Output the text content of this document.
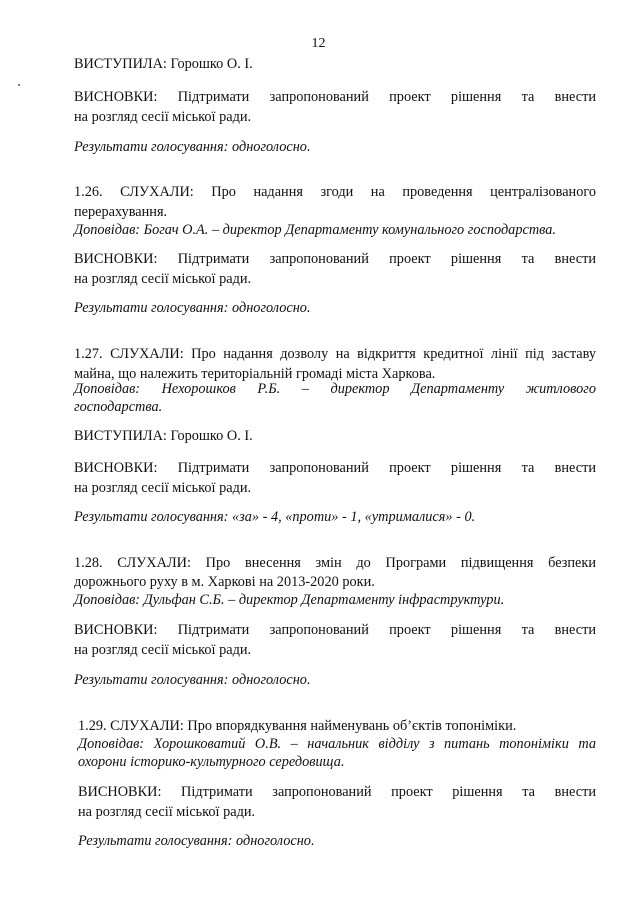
12
ВИСТУПИЛА: Горошко О. І.
ВИСНОВКИ: Підтримати запропонований проект рішення та внести
на розгляд сесії міської ради.
Результати голосування: одноголосно.
1.26. СЛУХАЛИ: Про надання згоди на проведення централізованого
перерахування.
Доповідав: Богач О.А. – директор Департаменту комунального господарства.
ВИСНОВКИ: Підтримати запропонований проект рішення та внести
на розгляд сесії міської ради.
Результати голосування: одноголосно.
1.27. СЛУХАЛИ: Про надання дозволу на відкриття кредитної лінії під заставу
майна, що належить територіальній громаді міста Харкова.
Доповідав: Нехорошков Р.Б. – директор Департаменту житлового
господарства.
ВИСТУПИЛА: Горошко О. І.
ВИСНОВКИ: Підтримати запропонований проект рішення та внести
на розгляд сесії міської ради.
Результати голосування: «за» - 4, «проти» - 1, «утрималися» - 0.
1.28. СЛУХАЛИ: Про внесення змін до Програми підвищення безпеки
дорожнього руху в м. Харкові на 2013-2020 роки.
Доповідав: Дульфан С.Б. – директор Департаменту інфраструктури.
ВИСНОВКИ: Підтримати запропонований проект рішення та внести
на розгляд сесії міської ради.
Результати голосування: одноголосно.
1.29. СЛУХАЛИ: Про впорядкування найменувань об’єктів топоніміки.
Доповідав: Хорошковатий О.В. – начальник відділу з питань топоніміки та
охорони історико-культурного середовища.
ВИСНОВКИ: Підтримати запропонований проект рішення та внести
на розгляд сесії міської ради.
Результати голосування: одноголосно.
